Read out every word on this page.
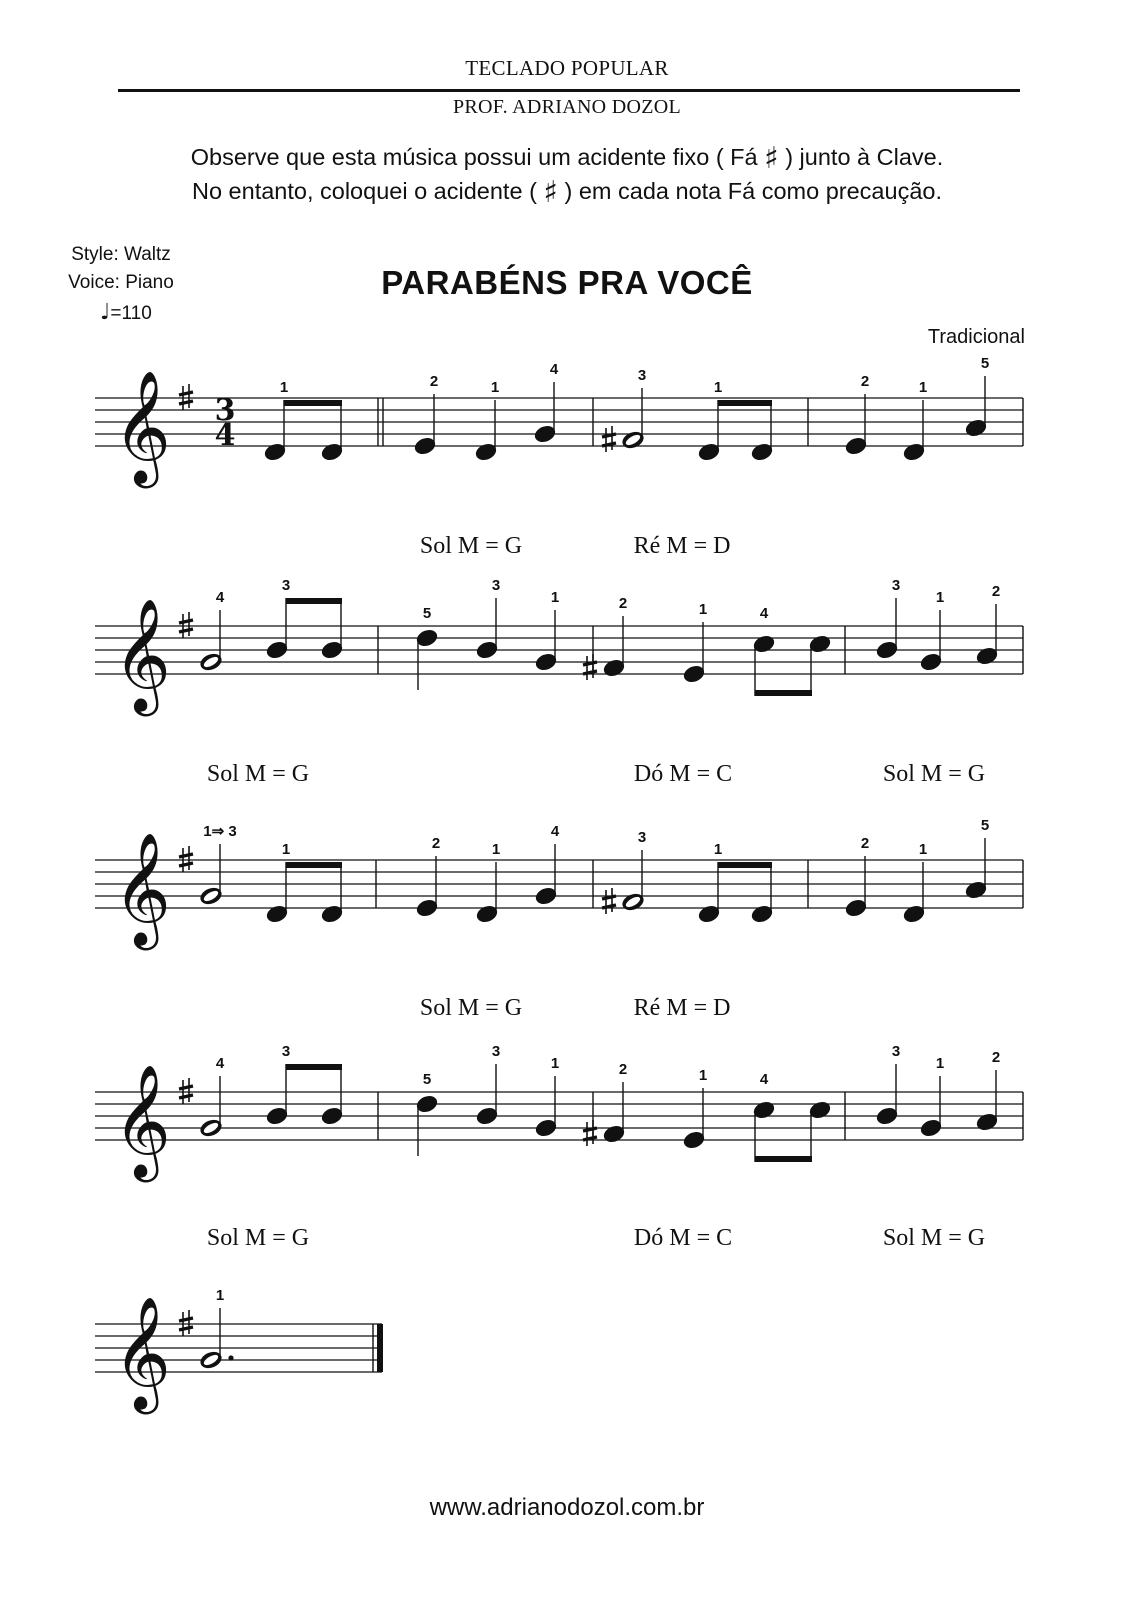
TECLADO POPULAR
PROF. ADRIANO DOZOL
Observe que esta música possui um acidente fixo ( Fá ♯ ) junto à Clave.
No entanto, coloquei o acidente ( ♯ ) em cada nota Fá como precaução.
Style: Waltz
Voice: Piano
♩=110
PARABÉNS PRA VOCÊ
Tradicional
𝄞 3
4
1	2	1
4	3
1	2	1
5
Sol M = G	Ré M = D
𝄞
4
3
5
3
1	2	1	4
3
1	2
Sol M = G	Dó M = C	Sol M = G
𝄞
1⇒ 3
1	2	1
4	3
1	2	1
5
Sol M = G	Ré M = D
𝄞
4
3
5
3
1	2	1	4
3
1	2
Sol M = G	Dó M = C	Sol M = G
𝄞
1
www.adrianodozol.com.br
